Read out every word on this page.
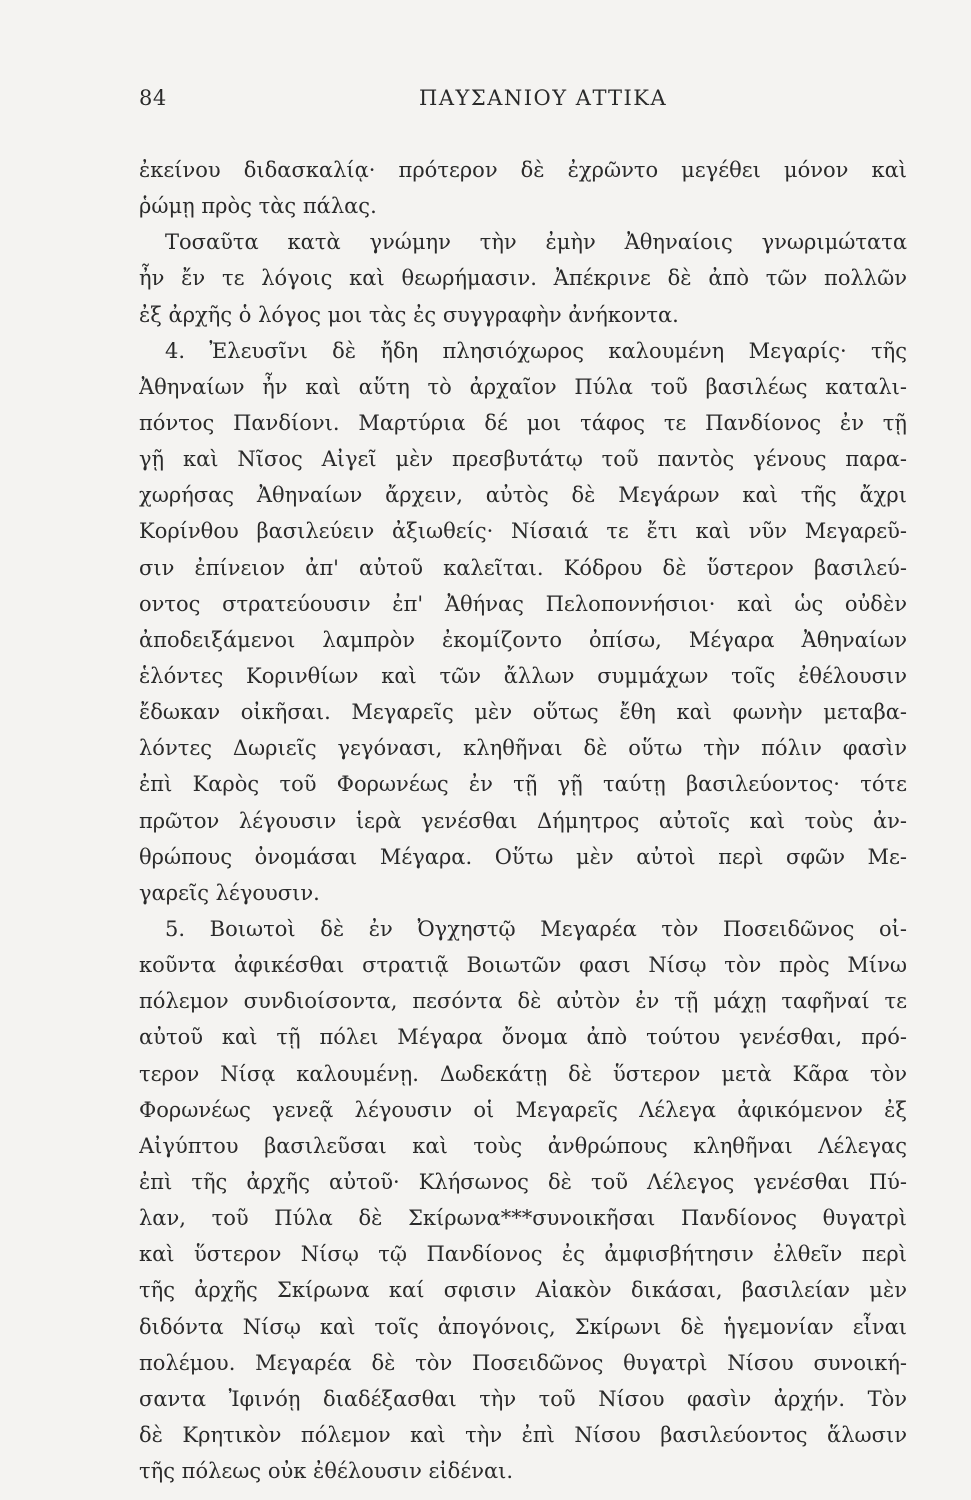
84	ΠΑΥΣΑΝΙΟΥ ΑΤΤΙΚΑ
ἐκείνου διδασκαλίᾳ· πρότερον δὲ ἐχρῶντο μεγέθει μόνον καὶ
ῥώμῃ πρὸς τὰς πάλας.
Τοσαῦτα κατὰ γνώμην τὴν ἐμὴν Ἀθηναίοις γνωριμώτατα
ἦν ἔν τε λόγοις καὶ θεωρήμασιν. Ἀπέκρινε δὲ ἀπὸ τῶν πολλῶν
ἐξ ἀρχῆς ὁ λόγος μοι τὰς ἐς συγγραφὴν ἀνήκοντα.
4. Ἐλευσῖνι δὲ ἤδη πλησιόχωρος καλουμένη Μεγαρίς· τῆς
Ἀθηναίων ἦν καὶ αὕτη τὸ ἀρχαῖον Πύλα τοῦ βασιλέως καταλι-
πόντος Πανδίονι. Μαρτύρια δέ μοι τάφος τε Πανδίονος ἐν τῇ
γῇ καὶ Νῖσος Αἰγεῖ μὲν πρεσβυτάτῳ τοῦ παντὸς γένους παρα-
χωρήσας Ἀθηναίων ἄρχειν, αὐτὸς δὲ Μεγάρων καὶ τῆς ἄχρι
Κορίνθου βασιλεύειν ἀξιωθείς· Νίσαιά τε ἔτι καὶ νῦν Μεγαρεῦ-
σιν ἐπίνειον ἀπ' αὐτοῦ καλεῖται. Κόδρου δὲ ὕστερον βασιλεύ-
οντος στρατεύουσιν ἐπ' Ἀθήνας Πελοποννήσιοι· καὶ ὡς οὐδὲν
ἀποδειξάμενοι λαμπρὸν ἐκομίζοντο ὀπίσω, Μέγαρα Ἀθηναίων
ἑλόντες Κορινθίων καὶ τῶν ἄλλων συμμάχων τοῖς ἐθέλουσιν
ἔδωκαν οἰκῆσαι. Μεγαρεῖς μὲν οὕτως ἔθη καὶ φωνὴν μεταβα-
λόντες Δωριεῖς γεγόνασι, κληθῆναι δὲ οὕτω τὴν πόλιν φασὶν
ἐπὶ Καρὸς τοῦ Φορωνέως ἐν τῇ γῇ ταύτῃ βασιλεύοντος· τότε
πρῶτον λέγουσιν ἱερὰ γενέσθαι Δήμητρος αὐτοῖς καὶ τοὺς ἀν-
θρώπους ὀνομάσαι Μέγαρα. Οὕτω μὲν αὐτοὶ περὶ σφῶν Με-
γαρεῖς λέγουσιν.
5. Βοιωτοὶ δὲ ἐν Ὀγχηστῷ Μεγαρέα τὸν Ποσειδῶνος οἰ-
κοῦντα ἀφικέσθαι στρατιᾷ Βοιωτῶν φασι Νίσῳ τὸν πρὸς Μίνω
πόλεμον συνδιοίσοντα, πεσόντα δὲ αὐτὸν ἐν τῇ μάχῃ ταφῆναί τε
αὐτοῦ καὶ τῇ πόλει Μέγαρα ὄνομα ἀπὸ τούτου γενέσθαι, πρό-
τερον Νίσᾳ καλουμένῃ. Δωδεκάτῃ δὲ ὕστερον μετὰ Κᾶρα τὸν
Φορωνέως γενεᾷ λέγουσιν οἱ Μεγαρεῖς Λέλεγα ἀφικόμενον ἐξ
Αἰγύπτου βασιλεῦσαι καὶ τοὺς ἀνθρώπους κληθῆναι Λέλεγας
ἐπὶ τῆς ἀρχῆς αὐτοῦ· Κλήσωνος δὲ τοῦ Λέλεγος γενέσθαι Πύ-
λαν, τοῦ Πύλα δὲ Σκίρωνα***συνοικῆσαι Πανδίονος θυγατρὶ
καὶ ὕστερον Νίσῳ τῷ Πανδίονος ἐς ἀμφισβήτησιν ἐλθεῖν περὶ
τῆς ἀρχῆς Σκίρωνα καί σφισιν Αἰακὸν δικάσαι, βασιλείαν μὲν
διδόντα Νίσῳ καὶ τοῖς ἀπογόνοις, Σκίρωνι δὲ ἡγεμονίαν εἶναι
πολέμου. Μεγαρέα δὲ τὸν Ποσειδῶνος θυγατρὶ Νίσου συνοική-
σαντα Ἰφινόῃ διαδέξασθαι τὴν τοῦ Νίσου φασὶν ἀρχήν. Τὸν
δὲ Κρητικὸν πόλεμον καὶ τὴν ἐπὶ Νίσου βασιλεύοντος ἅλωσιν
τῆς πόλεως οὐκ ἐθέλουσιν εἰδέναι.
